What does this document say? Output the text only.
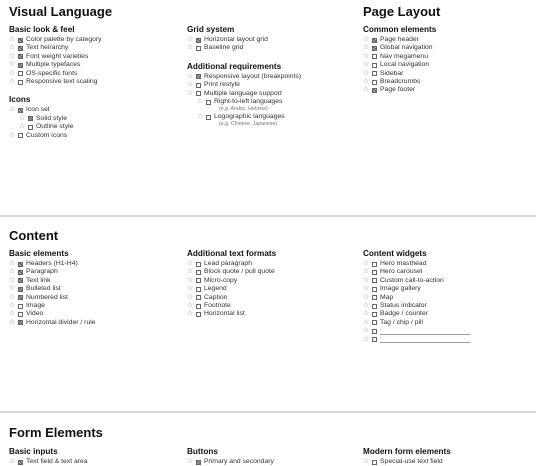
Visual Language
Basic look & feel
☆ Color palette by category
☆ Text heirarchy
☆ Font weight varieties
☆ Multiple typefaces
☆ OS-specific fonts
☆ Responsive text scaling
Icons
☆ Icon set
☆ Solid style
☆ Outline style
☆ Custom icons
Grid system
☆ Horizontal layout grid
☆ Baseline grid
Additional requirements
☆ Responsive layout (breakpoints)
☆ Print restyle
☆ Multiple language support
☆ Right-to-left languages
(e.g. Arabic, Hebrew)
☆ Logographic languages
(e.g. Chinese, Japanese)
Page Layout
Common elements
☆ Page header
☆ Global navigation
☆ Nav megamenu
☆ Local navigation
☆ Sidebar
☆ Breadcrumbs
☆ Page footer
Content
Basic elements
☆ Headers (H1-H4)
☆ Paragraph
☆ Text link
☆ Bulleted list
☆ Numbered list
☆ Image
☆ Video
☆ Horizontal divider / rule
Additional text formats
☆ Lead paragraph
☆ Block quote / pull quote
☆ Micro-copy
☆ Legend
☆ Caption
☆ Footnote
☆ Horizontal list
Content widgets
☆ Hero masthead
☆ Hero carousel
☆ Custom call-to-action
☆ Image gallery
☆ Map
☆ Status indicator
☆ Badge / counter
☆ Tag / chip / pill
☆
☆
Form Elements
Basic inputs
☆ Text field & text area
Buttons
☆ Primary and secondary
Modern form elements
☆ Special-use text field
